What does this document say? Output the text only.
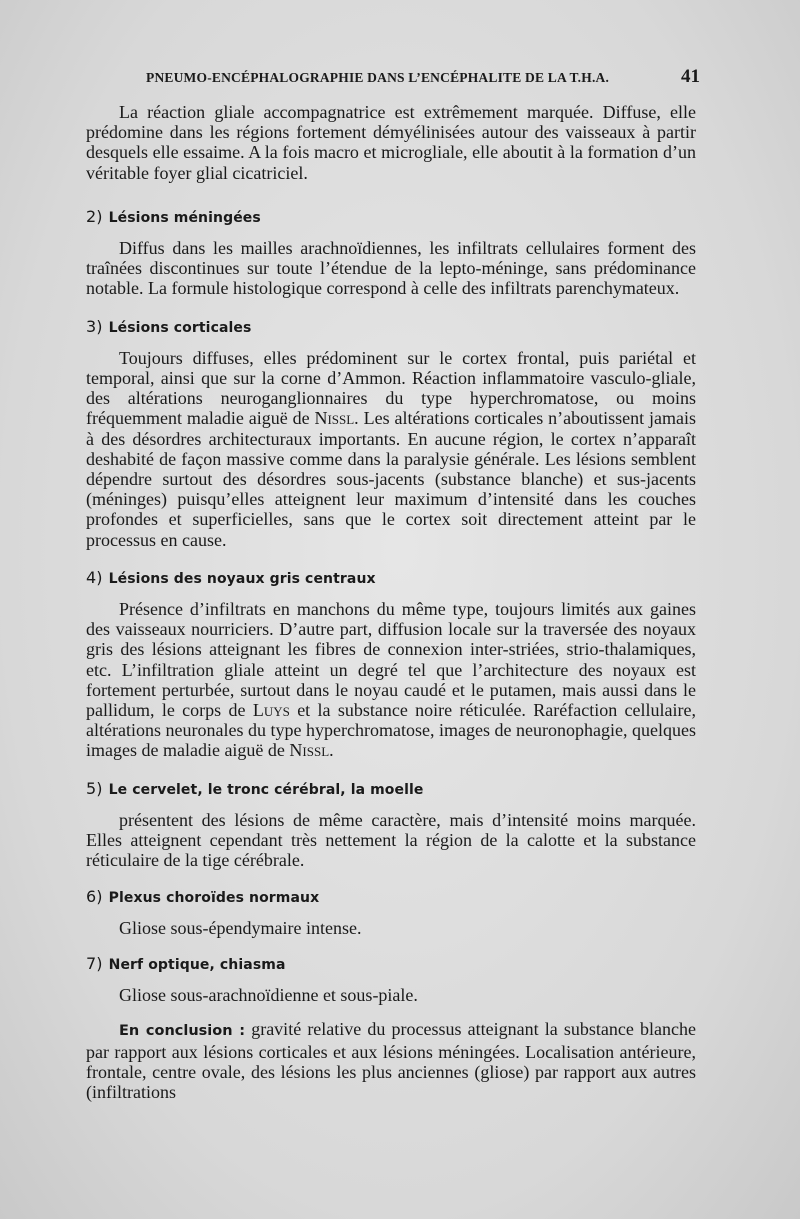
PNEUMO-ENCÉPHALOGRAPHIE DANS L’ENCÉPHALITE DE LA T.H.A.	41

La réaction gliale accompagnatrice est extrêmement marquée. Diffuse, elle prédomine dans les régions fortement démyélinisées autour des vaisseaux à partir desquels elle essaime. A la fois macro et microgliale, elle aboutit à la formation d’un véritable foyer glial cicatriciel.

2) Lésions méningées

Diffus dans les mailles arachnoïdiennes, les infiltrats cellulaires forment des traînées discontinues sur toute l’étendue de la lepto-méninge, sans prédominance notable. La formule histologique correspond à celle des infiltrats parenchymateux.

3) Lésions corticales

Toujours diffuses, elles prédominent sur le cortex frontal, puis pariétal et temporal, ainsi que sur la corne d’Ammon. Réaction inflammatoire vasculo-gliale, des altérations neuroganglionnaires du type hyperchromatose, ou moins fréquemment maladie aiguë de Nissl. Les altérations corticales n’aboutissent jamais à des désordres architecturaux importants. En aucune région, le cortex n’apparaît deshabité de façon massive comme dans la paralysie générale. Les lésions semblent dépendre surtout des désordres sous-jacents (substance blanche) et sus-jacents (méninges) puisqu’elles atteignent leur maximum d’intensité dans les couches profondes et superficielles, sans que le cortex soit directement atteint par le processus en cause.

4) Lésions des noyaux gris centraux

Présence d’infiltrats en manchons du même type, toujours limités aux gaines des vaisseaux nourriciers. D’autre part, diffusion locale sur la traversée des noyaux gris des lésions atteignant les fibres de connexion inter-striées, strio-thalamiques, etc. L’infiltration gliale atteint un degré tel que l’architecture des noyaux est fortement perturbée, surtout dans le noyau caudé et le putamen, mais aussi dans le pallidum, le corps de Luys et la substance noire réticulée. Raréfaction cellulaire, altérations neuronales du type hyperchromatose, images de neuronophagie, quelques images de maladie aiguë de Nissl.

5) Le cervelet, le tronc cérébral, la moelle

présentent des lésions de même caractère, mais d’intensité moins marquée. Elles atteignent cependant très nettement la région de la calotte et la substance réticulaire de la tige cérébrale.

6) Plexus choroïdes normaux

Gliose sous-épendymaire intense.

7) Nerf optique, chiasma

Gliose sous-arachnoïdienne et sous-piale.

En conclusion : gravité relative du processus atteignant la substance blanche par rapport aux lésions corticales et aux lésions méningées. Localisation antérieure, frontale, centre ovale, des lésions les plus anciennes (gliose) par rapport aux autres (infiltrations
